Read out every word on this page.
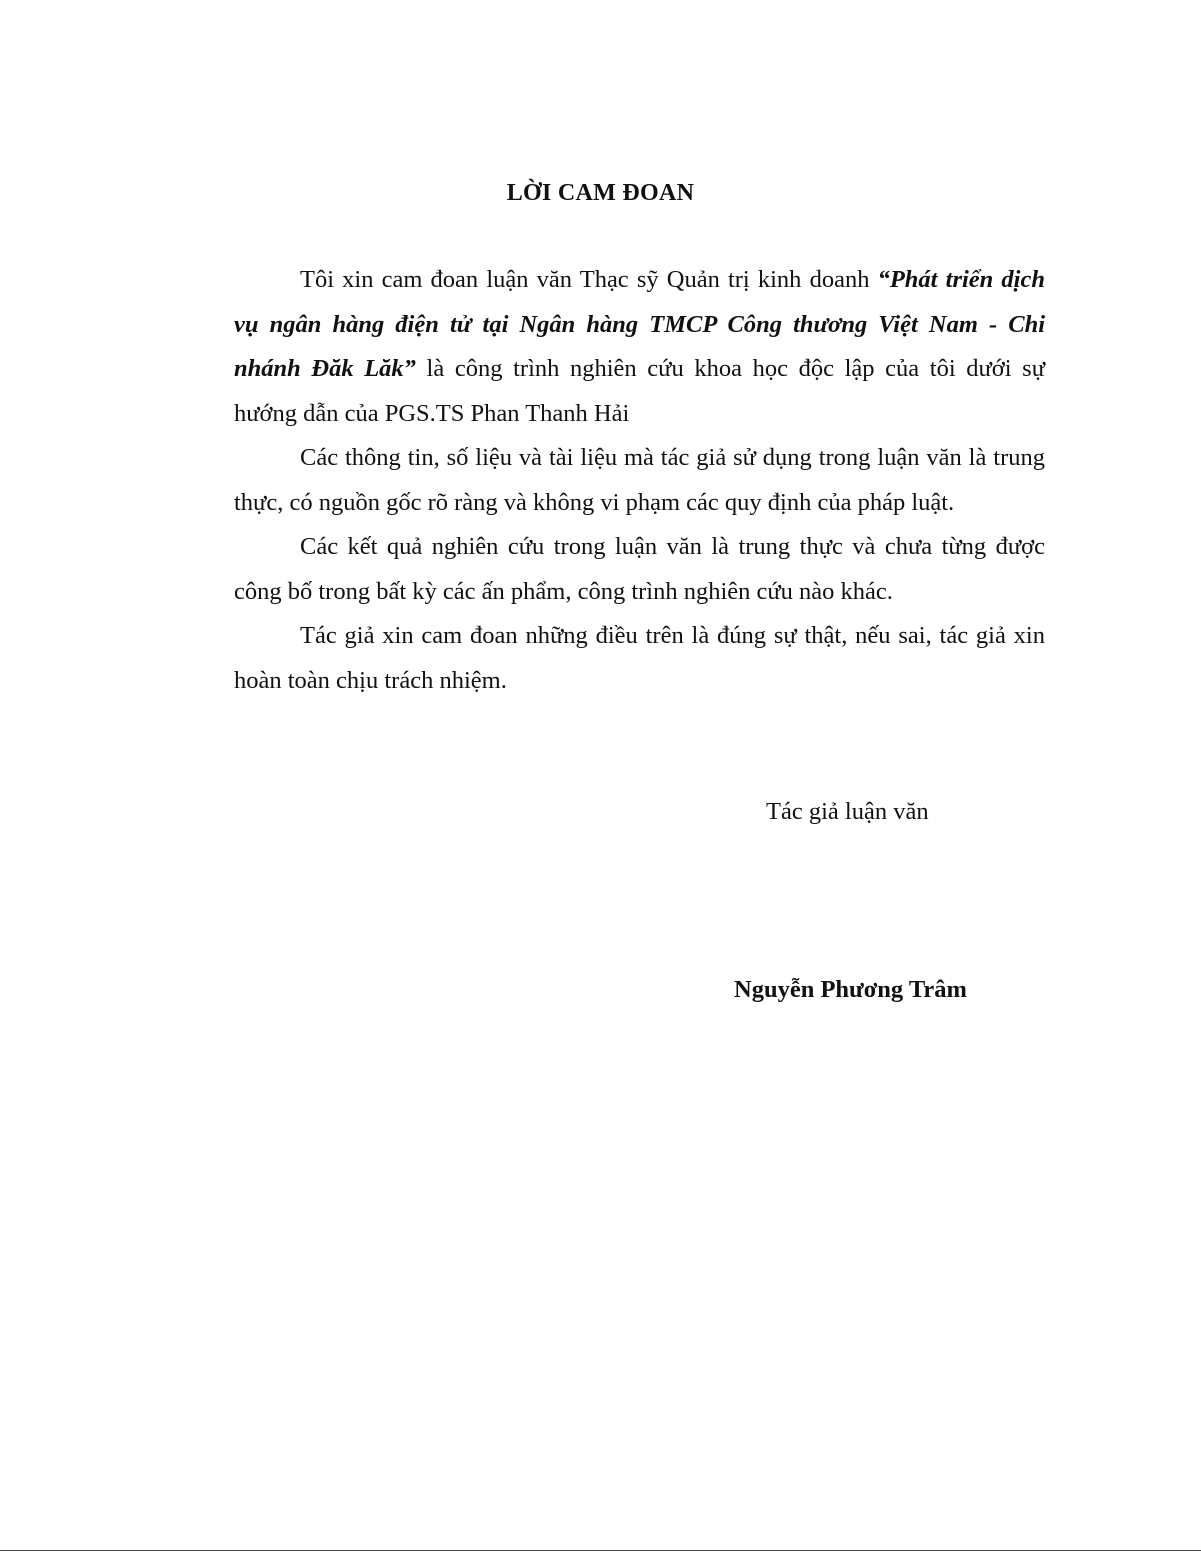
LỜI CAM ĐOAN

Tôi xin cam đoan luận văn Thạc sỹ Quản trị kinh doanh “Phát triển dịch vụ ngân hàng điện tử tại Ngân hàng TMCP Công thương Việt Nam - Chi nhánh Đăk Lăk” là công trình nghiên cứu khoa học độc lập của tôi dưới sự hướng dẫn của PGS.TS Phan Thanh Hải

Các thông tin, số liệu và tài liệu mà tác giả sử dụng trong luận văn là trung thực, có nguồn gốc rõ ràng và không vi phạm các quy định của pháp luật.

Các kết quả nghiên cứu trong luận văn là trung thực và chưa từng được công bố trong bất kỳ các ấn phẩm, công trình nghiên cứu nào khác.

Tác giả xin cam đoan những điều trên là đúng sự thật, nếu sai, tác giả xin hoàn toàn chịu trách nhiệm.

Tác giả luận văn
Nguyễn Phương Trâm
